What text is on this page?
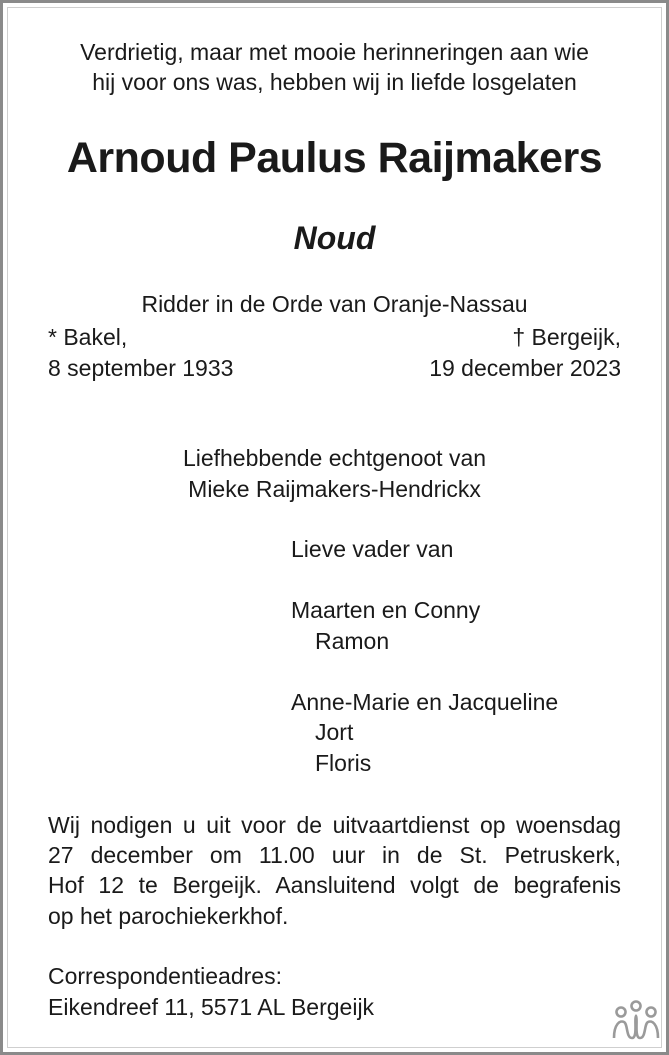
Verdrietig, maar met mooie herinneringen aan wie
hij voor ons was, hebben wij in liefde losgelaten
Arnoud Paulus Raijmakers
Noud
Ridder in de Orde van Oranje-Nassau
* Bakel,
8 september 1933
† Bergeijk,
19 december 2023
Liefhebbende echtgenoot van
Mieke Raijmakers-Hendrickx
Lieve vader van
Maarten en Conny
Ramon
Anne-Marie en Jacqueline
Jort
Floris
Wij nodigen u uit voor de uitvaartdienst op woensdag
27 december om 11.00 uur in de St. Petruskerk,
Hof 12 te Bergeijk. Aansluitend volgt de begrafenis
op het parochiekerkhof.
Correspondentieadres:
Eikendreef 11, 5571 AL Bergeijk
